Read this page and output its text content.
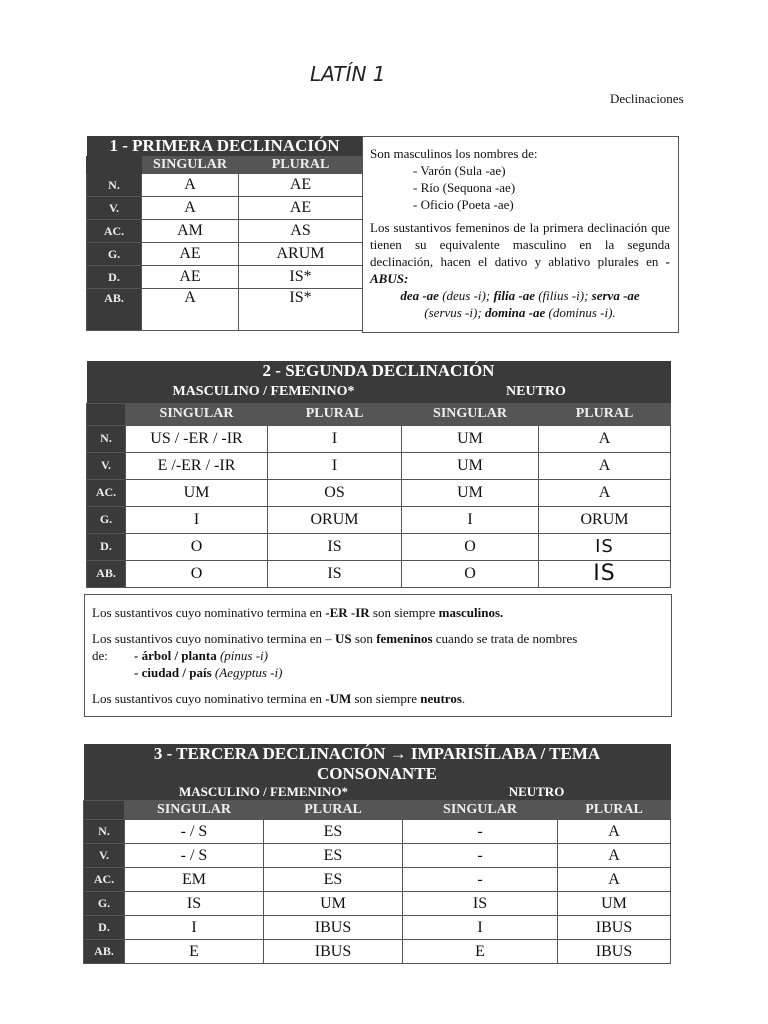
LATÍN 1
Declinaciones
1 - PRIMERA DECLINACIÓN		
	SINGULAR	PLURAL
N.	A	AE
V.	A	AE
AC.	AM	AS
G.	AE	ARUM
D.	AE	IS*
AB.	A	IS*
Son masculinos los nombres de:
- Varón (Sula -ae)
- Río (Sequona -ae)
- Oficio (Poeta -ae)
Los sustantivos femeninos de la primera declinación que tienen su equivalente masculino en la segunda declinación, hacen el dativo y ablativo plurales en -ABUS:
dea -ae (deus -i); filia -ae (filius -i); serva -ae
(servus -i); domina -ae (dominus -i).
2 - SEGUNDA DECLINACIÓN				
	MASCULINO / FEMENINO*		NEUTRO	
	SINGULAR	PLURAL	SINGULAR	PLURAL
N.	US / -ER / -IR	I	UM	A
V.	E /-ER / -IR	I	UM	A
AC.	UM	OS	UM	A
G.	I	ORUM	I	ORUM
D.	O	IS	O	IS
AB.	O	IS	O	IS
Los sustantivos cuyo nominativo termina en -ER -IR son siempre masculinos.
Los sustantivos cuyo nominativo termina en – US son femeninos cuando se trata de nombres
de:	- árbol / planta (pinus -i)
- ciudad / país (Aegyptus -i)
Los sustantivos cuyo nominativo termina en -UM son siempre neutros.
3 - TERCERA DECLINACIÓN → IMPARISÍLABA / TEMA				
CONSONANTE				
	MASCULINO / FEMENINO*		NEUTRO	
	SINGULAR	PLURAL	SINGULAR	PLURAL
N.	- / S	ES	-	A
V.	- / S	ES	-	A
AC.	EM	ES	-	A
G.	IS	UM	IS	UM
D.	I	IBUS	I	IBUS
AB.	E	IBUS	E	IBUS
